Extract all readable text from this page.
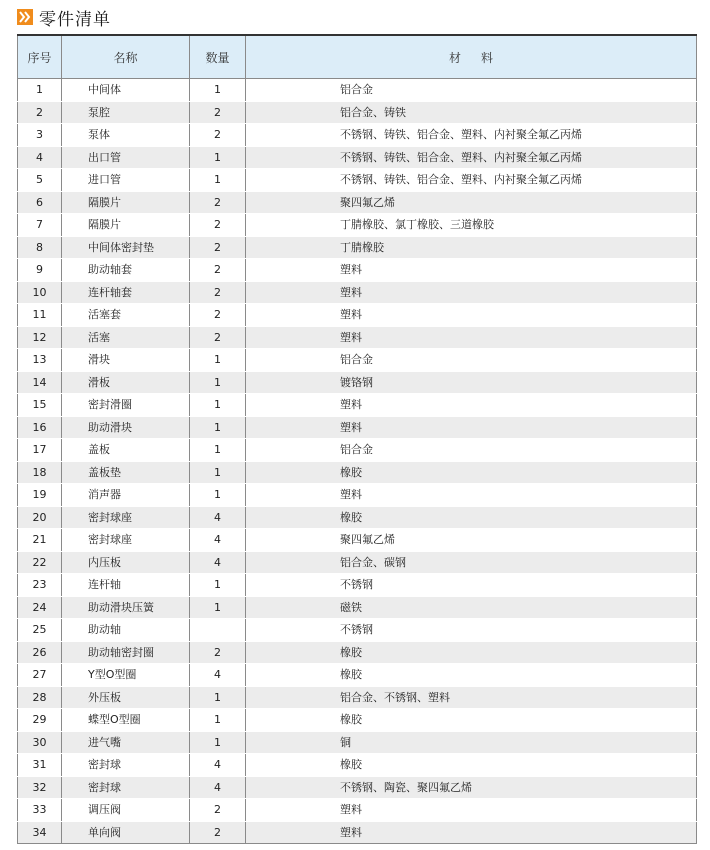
零件清单
序号	名称	数量	材料
1	中间体	1	铝合金
2	泵腔	2	铝合金、铸铁
3	泵体	2	不锈钢、铸铁、铝合金、塑料、内衬聚全氟乙丙烯
4	出口管	1	不锈钢、铸铁、铝合金、塑料、内衬聚全氟乙丙烯
5	进口管	1	不锈钢、铸铁、铝合金、塑料、内衬聚全氟乙丙烯
6	隔膜片	2	聚四氟乙烯
7	隔膜片	2	丁腈橡胶、氯丁橡胶、三道橡胶
8	中间体密封垫	2	丁腈橡胶
9	助动轴套	2	塑料
10	连杆轴套	2	塑料
11	活塞套	2	塑料
12	活塞	2	塑料
13	滑块	1	铝合金
14	滑板	1	镀铬钢
15	密封滑圈	1	塑料
16	助动滑块	1	塑料
17	盖板	1	铝合金
18	盖板垫	1	橡胶
19	消声器	1	塑料
20	密封球座	4	橡胶
21	密封球座	4	聚四氟乙烯
22	内压板	4	铝合金、碳钢
23	连杆轴	1	不锈钢
24	助动滑块压簧	1	磁铁
25	助动轴		不锈钢
26	助动轴密封圈	2	橡胶
27	Y型O型圈	4	橡胶
28	外压板	1	铝合金、不锈钢、塑料
29	蝶型O型圈	1	橡胶
30	进气嘴	1	铜
31	密封球	4	橡胶
32	密封球	4	不锈钢、陶瓷、聚四氟乙烯
33	调压阀	2	塑料
34	单向阀	2	塑料
